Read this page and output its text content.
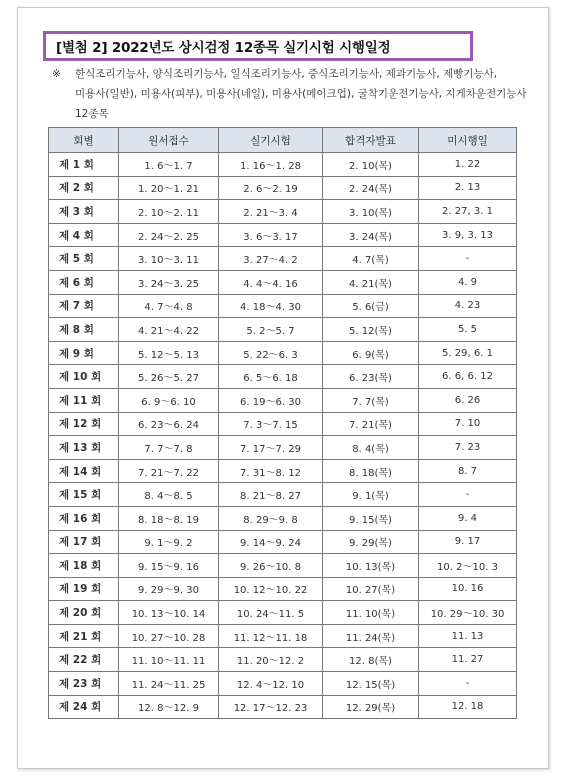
[별첨 2] 2022년도 상시검정 12종목 실기시험 시행일정
※ 한식조리기능사, 양식조리기능사, 일식조리기능사, 중식조리기능사, 제과기능사, 제빵기능사, 미용사(일반), 미용사(피부), 미용사(네일), 미용사(메이크업), 굴착기운전기능사, 지게차운전기능사 12종목
회별	원서접수	실기시험	합격자발표	미시행일
제 1 회	1. 6～1. 7	1. 16～1. 28	2. 10(목)	1. 22
제 2 회	1. 20～1. 21	2. 6～2. 19	2. 24(목)	2. 13
제 3 회	2. 10～2. 11	2. 21～3. 4	3. 10(목)	2. 27, 3. 1
제 4 회	2. 24～2. 25	3. 6～3. 17	3. 24(목)	3. 9, 3. 13
제 5 회	3. 10～3. 11	3. 27～4. 2	4. 7(목)	-
제 6 회	3. 24～3. 25	4. 4～4. 16	4. 21(목)	4. 9
제 7 회	4. 7～4. 8	4. 18～4. 30	5. 6(금)	4. 23
제 8 회	4. 21～4. 22	5. 2～5. 7	5. 12(목)	5. 5
제 9 회	5. 12～5. 13	5. 22～6. 3	6. 9(목)	5. 29, 6. 1
제 10 회	5. 26～5. 27	6. 5～6. 18	6. 23(목)	6. 6, 6. 12
제 11 회	6. 9～6. 10	6. 19～6. 30	7. 7(목)	6. 26
제 12 회	6. 23～6. 24	7. 3～7. 15	7. 21(목)	7. 10
제 13 회	7. 7～7. 8	7. 17～7. 29	8. 4(목)	7. 23
제 14 회	7. 21～7. 22	7. 31～8. 12	8. 18(목)	8. 7
제 15 회	8. 4～8. 5	8. 21～8. 27	9. 1(목)	-
제 16 회	8. 18～8. 19	8. 29～9. 8	9. 15(목)	9. 4
제 17 회	9. 1～9. 2	9. 14～9. 24	9. 29(목)	9. 17
제 18 회	9. 15～9. 16	9. 26～10. 8	10. 13(목)	10. 2～10. 3
제 19 회	9. 29～9. 30	10. 12～10. 22	10. 27(목)	10. 16
제 20 회	10. 13～10. 14	10. 24～11. 5	11. 10(목)	10. 29～10. 30
제 21 회	10. 27～10. 28	11. 12～11. 18	11. 24(목)	11. 13
제 22 회	11. 10～11. 11	11. 20～12. 2	12. 8(목)	11. 27
제 23 회	11. 24～11. 25	12. 4～12. 10	12. 15(목)	-
제 24 회	12. 8～12. 9	12. 17～12. 23	12. 29(목)	12. 18
